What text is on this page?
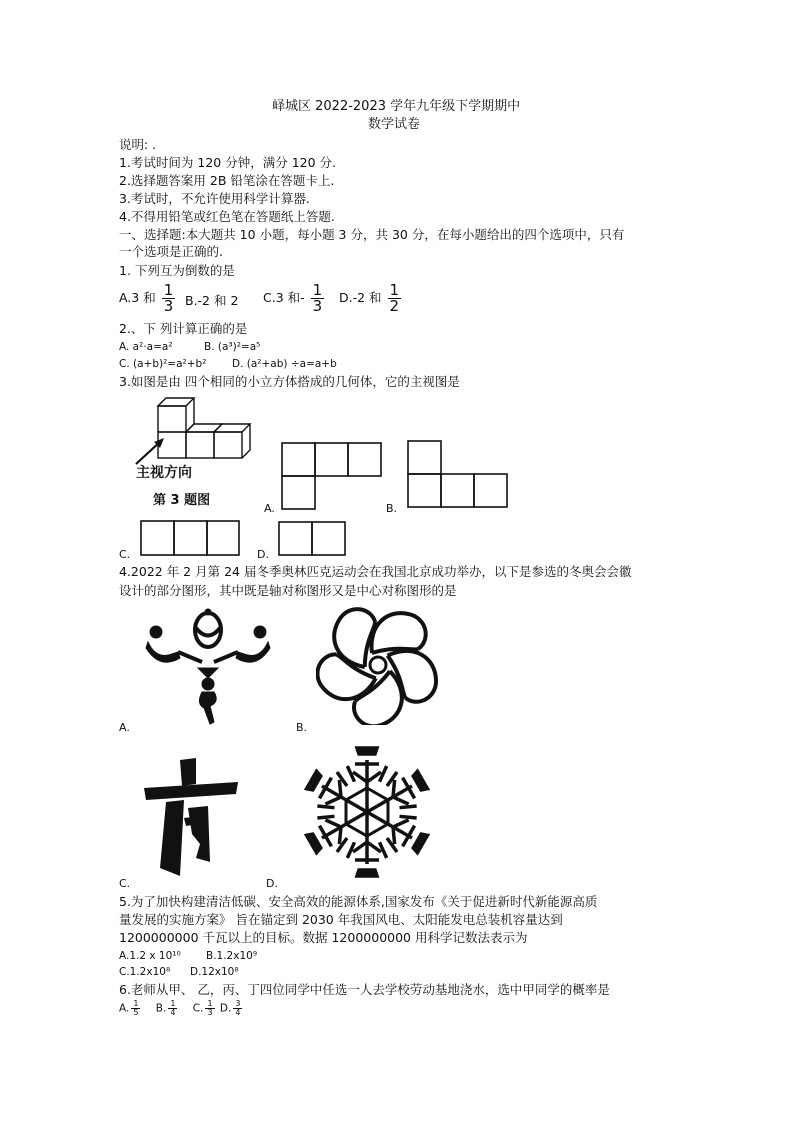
峄城区 2022-2023 学年九年级下学期期中
数学试卷
说明: .
1.考试时间为 120 分钟，满分 120 分.
2.选择题答案用 2B 铅笔涂在答题卡上.
3.考试时，不允许使用科学计算器.
4.不得用铅笔或红色笔在答题纸上答题.
一、选择题:本大题共 10 小题，每小题 3 分，共 30 分，在每小题给出的四个选项中，只有
一个选项是正确的.
1. 下列互为倒数的是
A.3 和 $\frac{1}{3} B.-2$ 和 2 C.3 和- $\frac{1}{3} D.-2$ 和 $\frac{1}{2}$
2.、下 列计算正确的是
A. a²·a=a²	B. (a³)²=a⁵
C. (a+b)²=a²+b² D. (a²+ab) ÷a=a+b
3.如图是由 四个相同的小立方体搭成的几何体，它的主视图是
主视方向
第 3 题图
A.	B.
C.	D.
4.2022 年 2 月第 24 届冬季奥林匹克运动会在我国北京成功举办，以下是参选的冬奥会会徽
设计的部分图形，其中既是轴对称图形又是中心对称图形的是
A.	B.
C.	D.
5.为了加快构建清洁低碳、安全高效的能源体系,国家发布《关于促进新时代新能源高质
量发展的实施方案》 旨在锚定到 2030 年我国风电、太阳能发电总装机容量达到
1200000000 千瓦以上的目标。数据 1200000000 用科学记数法表示为
A.1.2 x 10¹⁰ B.1.2x10⁹
C.1.2x10⁸ D.12x10⁸
6.老师从甲、 乙，丙、丁四位同学中任选一人去学校劳动基地浇水，选中甲同学的概率是
A. $\frac{1}{5} B$. $\frac{1}{4} C$. $\frac{1}{3} D$. $\frac{3}{4}$
